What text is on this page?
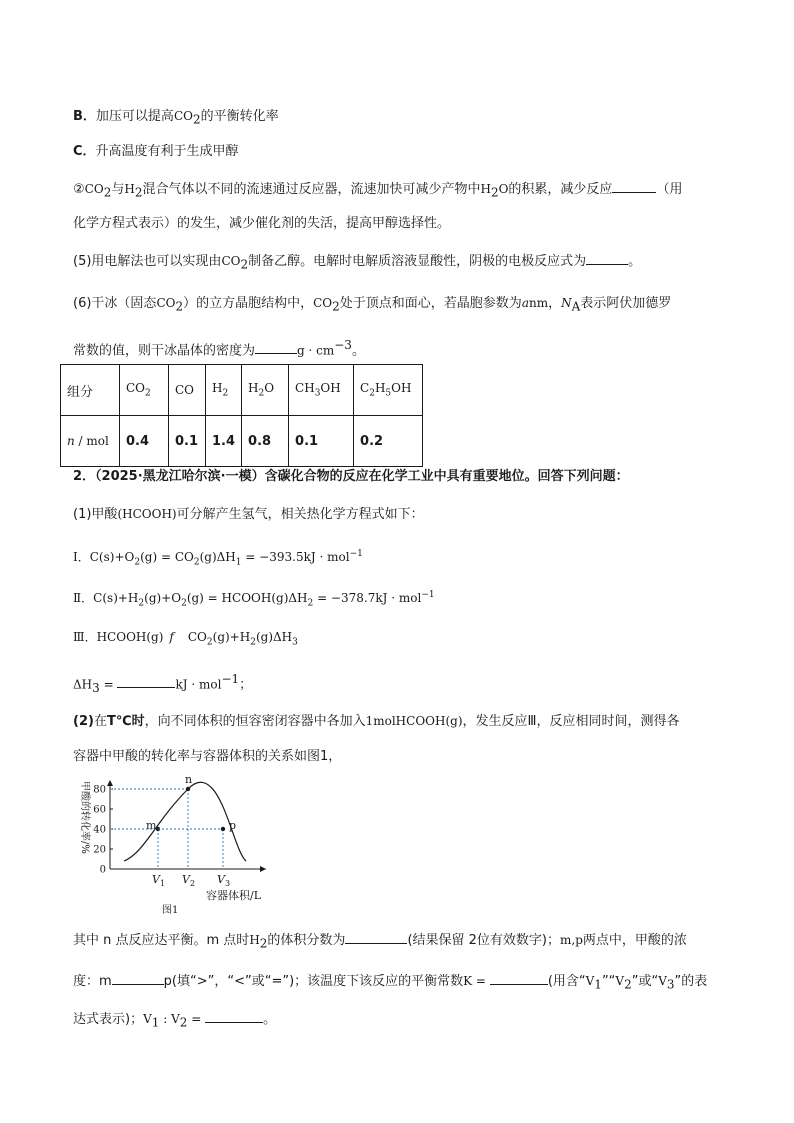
B．加压可以提高$CO_2$的平衡转化率
C．升高温度有利于生成甲醇
$②CO_2$与$H_2$混合气体以不同的流速通过反应器，流速加快可减少产物中$H_2O$的积累，减少反应	（用
化学方程式表示）的发生，减少催化剂的失活，提高甲醇选择性。
(5)用电解法也可以实现由$CO_2$制备乙醇。电解时电解质溶液显酸性，阴极的电极反应式为	。
(6)干冰（固态$CO_2$）的立方晶胞结构中，$CO_2$处于顶点和面心，若晶胞参数为anm，$N_A$表示阿伏加德罗
常数的值，则干冰晶体的密度为	$g \cdot cm^{-3}$。
组分	$CO_2$	CO	$H_2$	$H_2O$	$CH_3OH$	$C_2H_5OH$
n / mol	0.4	0.1	1.4	0.8	0.1	0.2
2．（2025·黑龙江哈尔滨·一模）含碳化合物的反应在化学工业中具有重要地位。回答下列问题：
(1)甲酸(HCOOH)可分解产生氢气，相关热化学方程式如下：
Ⅰ．$C(s)+O_2(g) = CO_2(g)\Delta H_1 = -393.5kJ \cdot mol^{-1}$
Ⅱ．$C(s)+H_2(g)+O_2(g)$ = $HCOOH(g)\Delta H_2 = -378.7kJ \cdot mol^{-1}$
Ⅲ．HCOOH(g) f $CO_2(g)+H_2(g)\Delta H_3$
$\Delta H_3$ =	kJ · mol$^{-1}$；
(2)在T℃时，向不同体积的恒容密闭容器中各加入1molHCOOH(g)，发生反应Ⅲ，反应相同时间，测得各
容器中甲酸的转化率与容器体积的关系如图1，
甲酸的转化率/%
0
20
40
60
80
m
n
p
$V_1$ $V_2$ $V_3$
容器体积/L
图1
其中 n 点反应达平衡。m 点时$H_2$的体积分数为	(结果保留 2位有效数字)；m,p两点中，甲酸的浓
度：m	p(填“>”，“<”或“=”)；该温度下该反应的平衡常数K =	(用含“$V_1”“V_2$”或“$V_3$”的表
达式表示)；$V_1$ : $V_2$ =	。
